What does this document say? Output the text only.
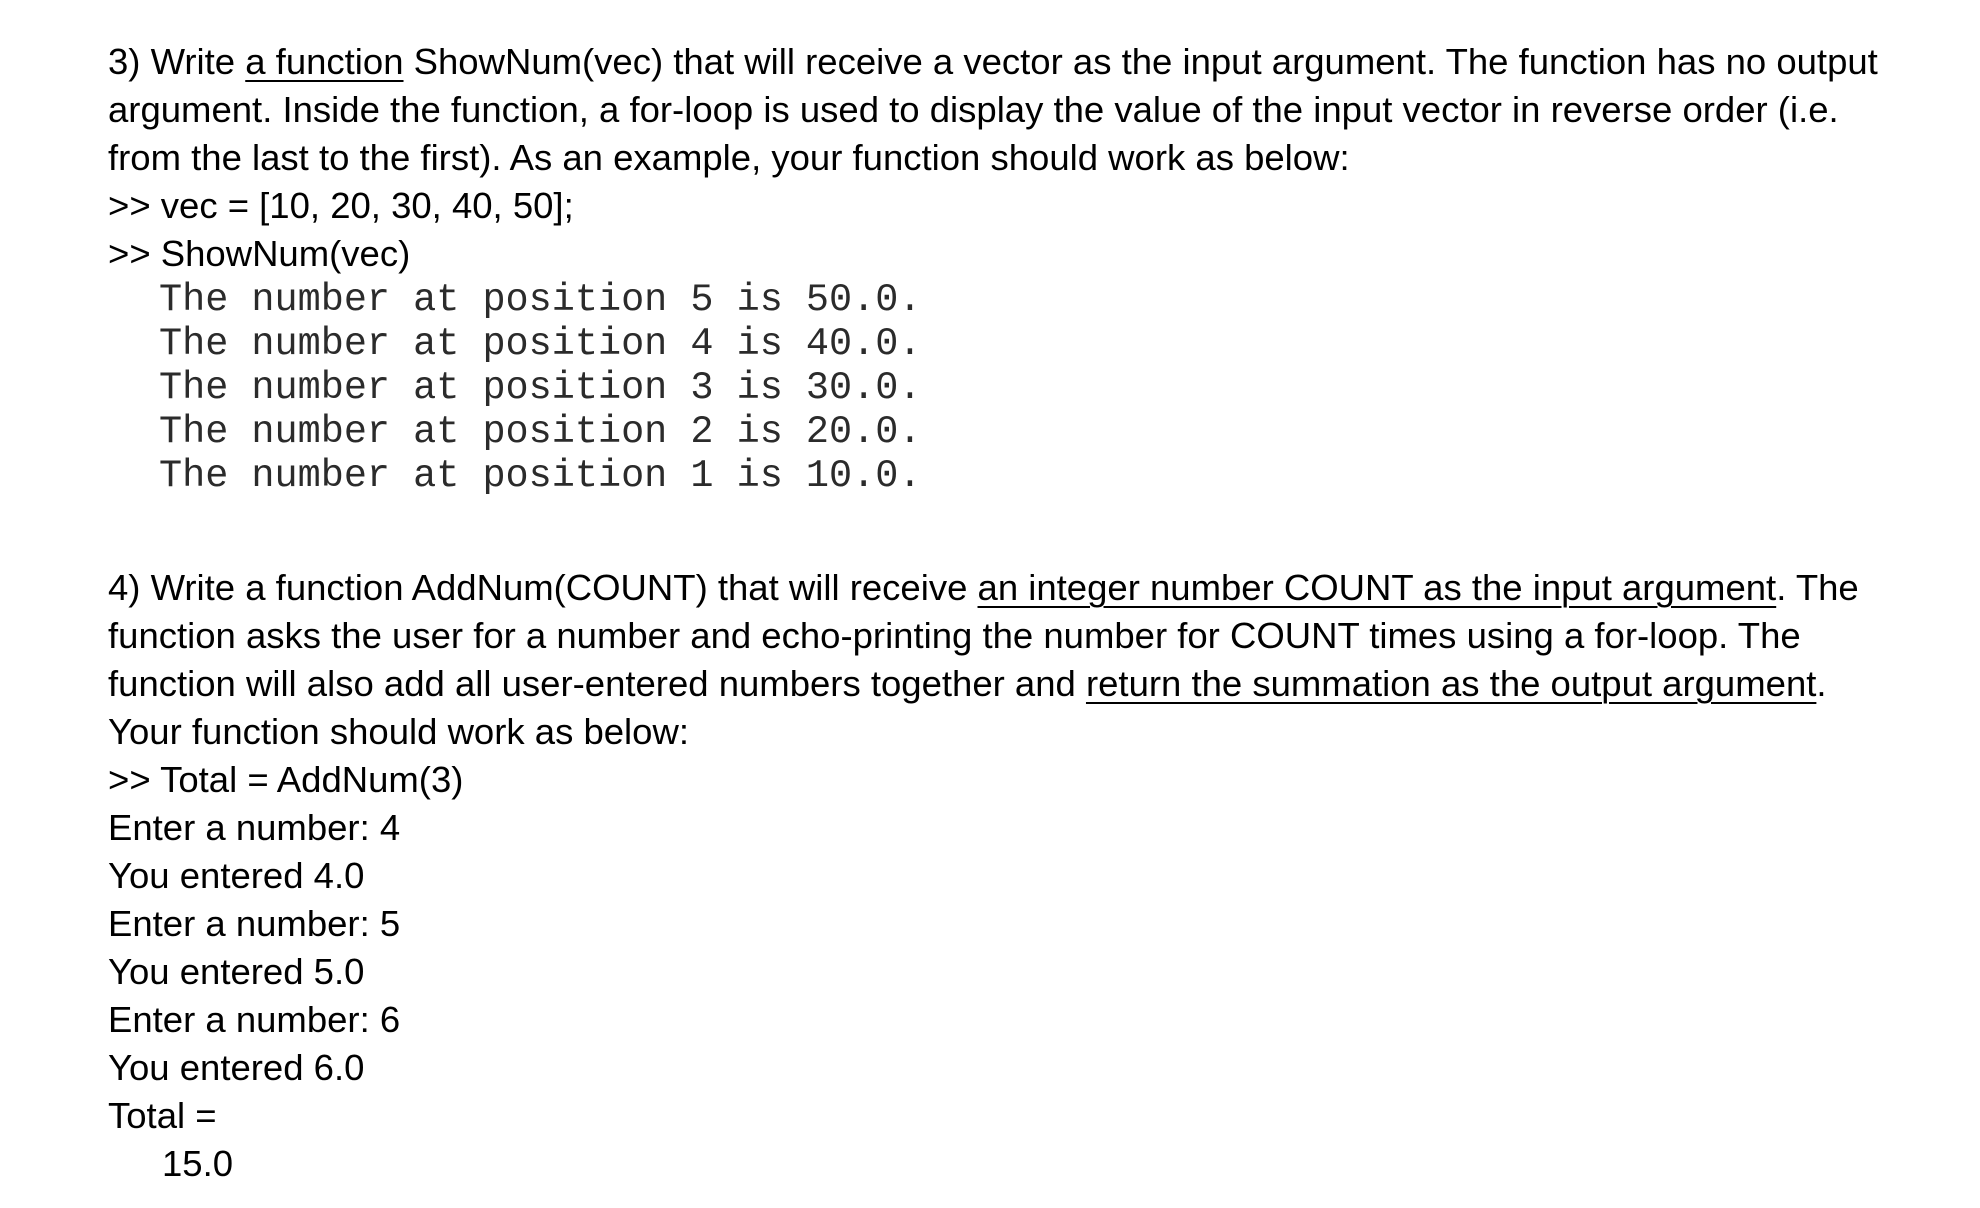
3) Write a function ShowNum(vec) that will receive a vector as the input argument. The function has no output

argument. Inside the function, a for-loop is used to display the value of the input vector in reverse order (i.e.

from the last to the first). As an example, your function should work as below:

>> vec = [10, 20, 30, 40, 50];

>> ShowNum(vec)

The number at position 5 is 50.0.

The number at position 4 is 40.0.

The number at position 3 is 30.0.

The number at position 2 is 20.0.

The number at position 1 is 10.0.

4) Write a function AddNum(COUNT) that will receive an integer number COUNT as the input argument. The

function asks the user for a number and echo-printing the number for COUNT times using a for-loop. The

function will also add all user-entered numbers together and return the summation as the output argument.

Your function should work as below:

>> Total = AddNum(3)

Enter a number: 4

You entered 4.0

Enter a number: 5

You entered 5.0

Enter a number: 6

You entered 6.0

Total =

15.0
